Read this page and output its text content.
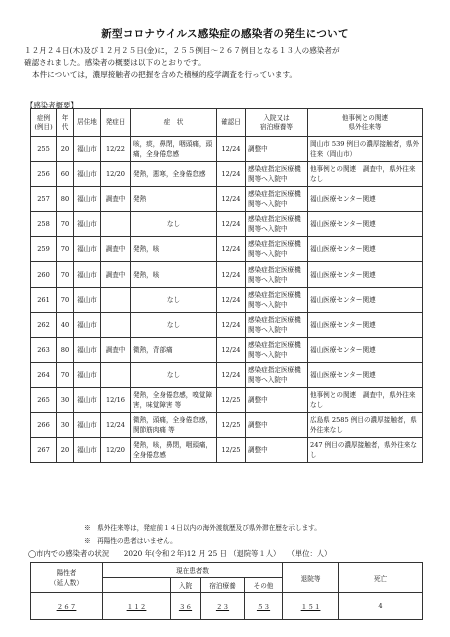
新型コロナウイルス感染症の感染者の発生について
１２月２４日(木)及び１２月２５日(金)に，２５５例目～２６７例目となる１３人の感染者が
確認されました。感染者の概要は以下のとおりです。
本件については，濃厚接触者の把握を含めた積極的疫学調査を行っています。
【感染者概要】
症例
(例目)	年代	居住地	発症日	症　状	確認日	入院又は
宿泊療養等	他事例との関連
県外往来等
255	20	福山市	12/22	咳，痰，鼻閉，咽頭痛，頭痛，全身倦怠感	12/24	調整中	岡山市 539 例目の濃厚接触者，県外往来（岡山市）
256	60	福山市	12/20	発熱，悪寒，全身倦怠感	12/24	感染症指定医療機関等へ入院中	他事例との関連　調査中，県外往来なし
257	80	福山市	調査中	発熱	12/24	感染症指定医療機関等へ入院中	福山医療センター関連
258	70	福山市		なし	12/24	感染症指定医療機関等へ入院中	福山医療センター関連
259	70	福山市	調査中	発熱，咳	12/24	感染症指定医療機関等へ入院中	福山医療センター関連
260	70	福山市	調査中	発熱，咳	12/24	感染症指定医療機関等へ入院中	福山医療センター関連
261	70	福山市		なし	12/24	感染症指定医療機関等へ入院中	福山医療センター関連
262	40	福山市		なし	12/24	感染症指定医療機関等へ入院中	福山医療センター関連
263	80	福山市	調査中	微熱，背部痛	12/24	感染症指定医療機関等へ入院中	福山医療センター関連
264	70	福山市		なし	12/24	感染症指定医療機関等へ入院中	福山医療センター関連
265	30	福山市	12/16	発熱，全身倦怠感，嗅覚障害，味覚障害 等	12/25	調整中	他事例との関連　調査中，県外往来なし
266	30	福山市	12/24	微熱，頭痛，全身倦怠感，関節筋肉痛 等	12/25	調整中	広島県 2585 例目の濃厚接触者，県外往来なし
267	20	福山市	12/20	発熱，咳，鼻閉，咽頭痛，全身倦怠感	12/25	調整中	247 例目の濃厚接触者，県外往来なし
※　県外往来等は，発症前１４日以内の海外渡航歴及び県外滞在歴を示します。
※　再陽性の患者はいません。
◯市内での感染者の状況　　2020 年(令和２年)12 月 25 日 （退院等１人）　　（単位：人）
陽性者
（延人数）	現在患者数				退院等	死亡
		入院	宿泊療養	その他		
２６７	１１２	３６	２３	５３	１５１	4
